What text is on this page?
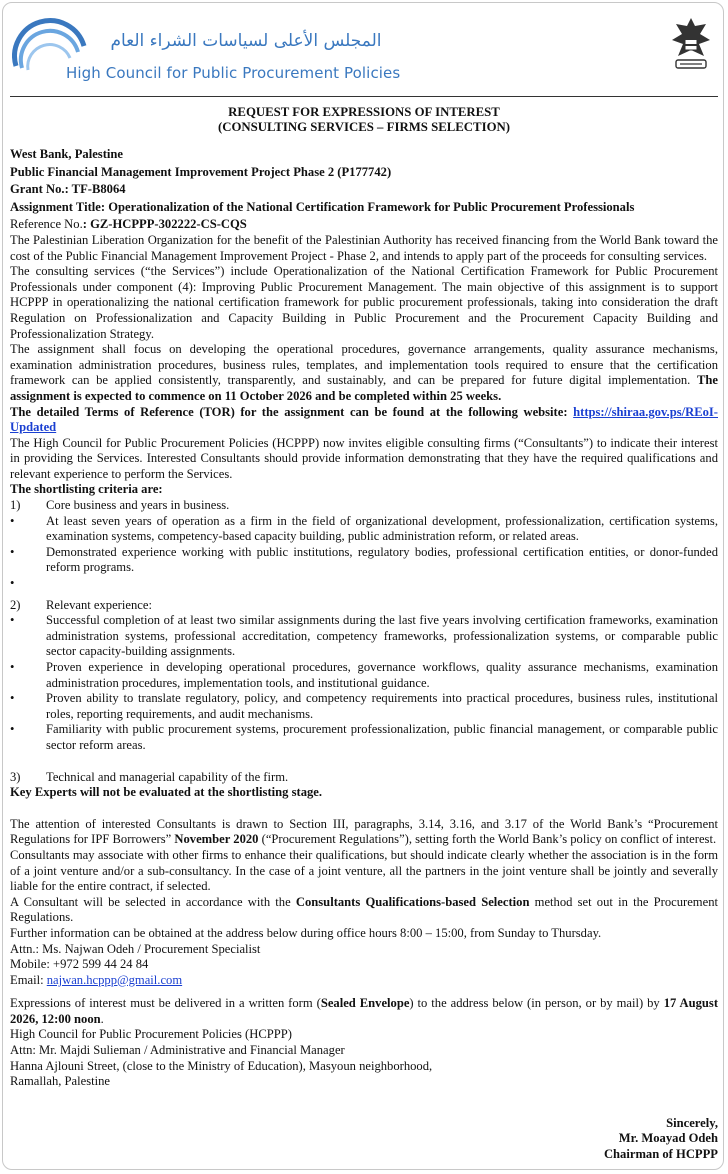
المجلس الأعلى لسياسات الشراء العام
High Council for Public Procurement Policies
REQUEST FOR EXPRESSIONS OF INTEREST
(CONSULTING SERVICES – FIRMS SELECTION)
West Bank, Palestine
Public Financial Management Improvement Project Phase 2 (P177742)
Grant No.: TF-B8064
Assignment Title: Operationalization of the National Certification Framework for Public Procurement Professionals
Reference No.: GZ-HCPPP-302222-CS-CQS

The Palestinian Liberation Organization for the benefit of the Palestinian Authority has received financing from the World Bank toward the cost of the Public Financial Management Improvement Project - Phase 2, and intends to apply part of the proceeds for consulting services.

The consulting services (“the Services”) include Operationalization of the National Certification Framework for Public Procurement Professionals under component (4): Improving Public Procurement Management. The main objective of this assignment is to support HCPPP in operationalizing the national certification framework for public procurement professionals, taking into consideration the draft Regulation on Professionalization and Capacity Building in Public Procurement and the Procurement Capacity Building and Professionalization Strategy.

The assignment shall focus on developing the operational procedures, governance arrangements, quality assurance mechanisms, examination administration procedures, business rules, templates, and implementation tools required to ensure that the certification framework can be applied consistently, transparently, and sustainably, and can be prepared for future digital implementation. The assignment is expected to commence on 11 October 2026 and be completed within 25 weeks.

The detailed Terms of Reference (TOR) for the assignment can be found at the following website: https://shiraa.gov.ps/REoI-Updated

The High Council for Public Procurement Policies (HCPPP) now invites eligible consulting firms (“Consultants”) to indicate their interest in providing the Services. Interested Consultants should provide information demonstrating that they have the required qualifications and relevant experience to perform the Services.

The shortlisting criteria are:
1) Core business and years in business.
•	At least seven years of operation as a firm in the field of organizational development, professionalization, certification systems, examination systems, competency-based capacity building, public administration reform, or related areas.
•	Demonstrated experience working with public institutions, regulatory bodies, professional certification entities, or donor-funded reform programs.
•

2) Relevant experience:
•	Successful completion of at least two similar assignments during the last five years involving certification frameworks, examination administration systems, professional accreditation, competency frameworks, professionalization systems, or comparable public sector capacity-building assignments.
•	Proven experience in developing operational procedures, governance workflows, quality assurance mechanisms, examination administration procedures, implementation tools, and institutional guidance.
•	Proven ability to translate regulatory, policy, and competency requirements into practical procedures, business rules, institutional roles, reporting requirements, and audit mechanisms.
•	Familiarity with public procurement systems, procurement professionalization, public financial management, or comparable public sector reform areas.
3) Technical and managerial capability of the firm.
Key Experts will not be evaluated at the shortlisting stage.

The attention of interested Consultants is drawn to Section III, paragraphs, 3.14, 3.16, and 3.17 of the World Bank’s “Procurement Regulations for IPF Borrowers” November 2020 (“Procurement Regulations”), setting forth the World Bank’s policy on conflict of interest.

Consultants may associate with other firms to enhance their qualifications, but should indicate clearly whether the association is in the form of a joint venture and/or a sub-consultancy. In the case of a joint venture, all the partners in the joint venture shall be jointly and severally liable for the entire contract, if selected.

A Consultant will be selected in accordance with the Consultants Qualifications-based Selection method set out in the Procurement Regulations.

Further information can be obtained at the address below during office hours 8:00 – 15:00, from Sunday to Thursday.

Attn.: Ms. Najwan Odeh / Procurement Specialist
Mobile: +972 599 44 24 84
Email: najwan.hcppp@gmail.com

Expressions of interest must be delivered in a written form (Sealed Envelope) to the address below (in person, or by mail) by 17 August 2026, 12:00 noon.

High Council for Public Procurement Policies (HCPPP)
Attn: Mr. Majdi Sulieman / Administrative and Financial Manager
Hanna Ajlouni Street, (close to the Ministry of Education), Masyoun neighborhood,
Ramallah, Palestine
Sincerely,
Mr. Moayad Odeh
Chairman of HCPPP
